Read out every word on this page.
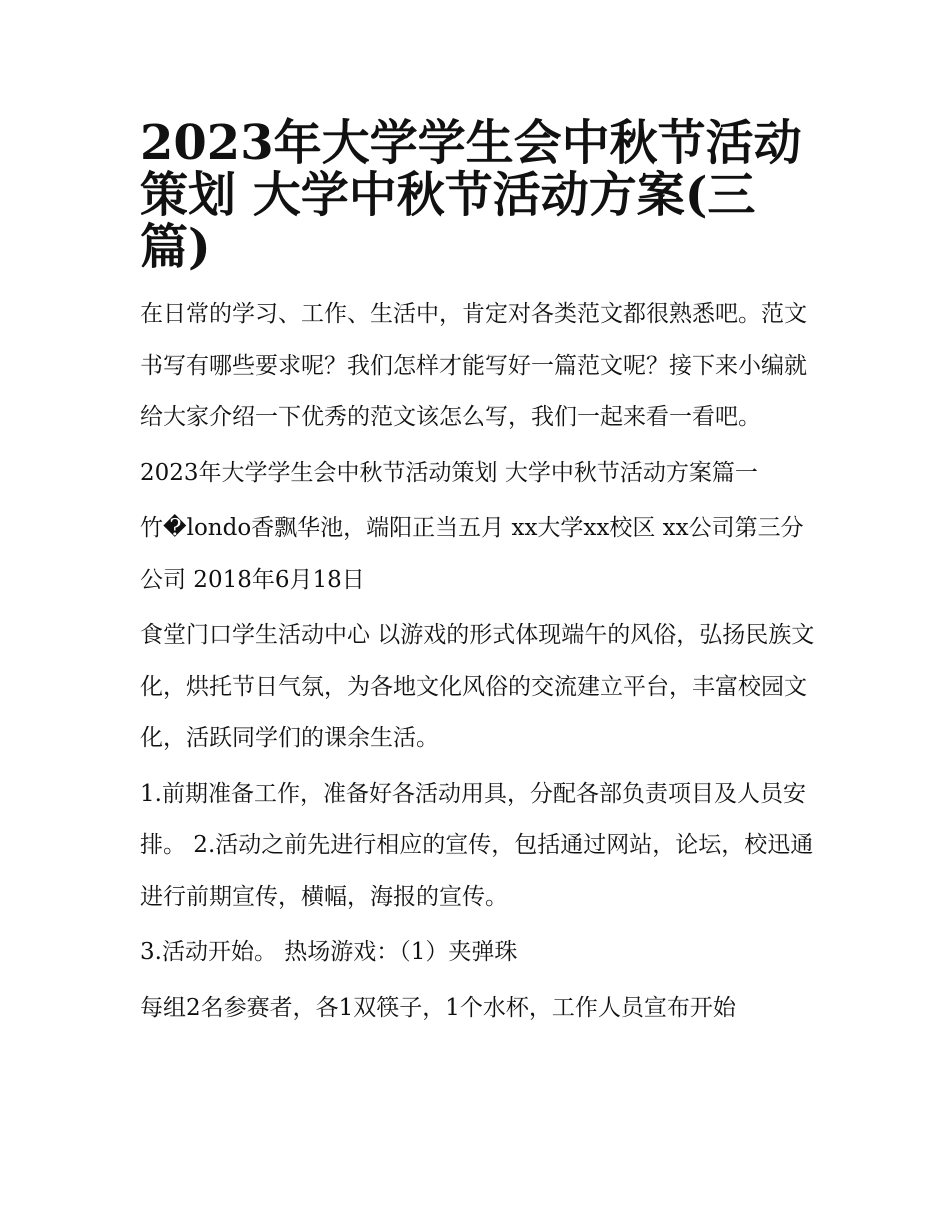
2023年大学学生会中秋节活动策划 大学中秋节活动方案(三篇)

在日常的学习、工作、生活中，肯定对各类范文都很熟悉吧。范文书写有哪些要求呢？我们怎样才能写好一篇范文呢？接下来小编就给大家介绍一下优秀的范文该怎么写，我们一起来看一看吧。

2023年大学学生会中秋节活动策划 大学中秋节活动方案篇一

竹�londo香飘华池，端阳正当五月 xx大学xx校区 xx公司第三分公司 2018年6月18日

食堂门口学生活动中心 以游戏的形式体现端午的风俗，弘扬民族文化，烘托节日气氛，为各地文化风俗的交流建立平台，丰富校园文化，活跃同学们的课余生活。

1.前期准备工作，准备好各活动用具，分配各部负责项目及人员安排。 2.活动之前先进行相应的宣传，包括通过网站，论坛，校迅通进行前期宣传，横幅，海报的宣传。

3.活动开始。 热场游戏：（1）夹弹珠

每组2名参赛者，各1双筷子，1个水杯，工作人员宣布开始
